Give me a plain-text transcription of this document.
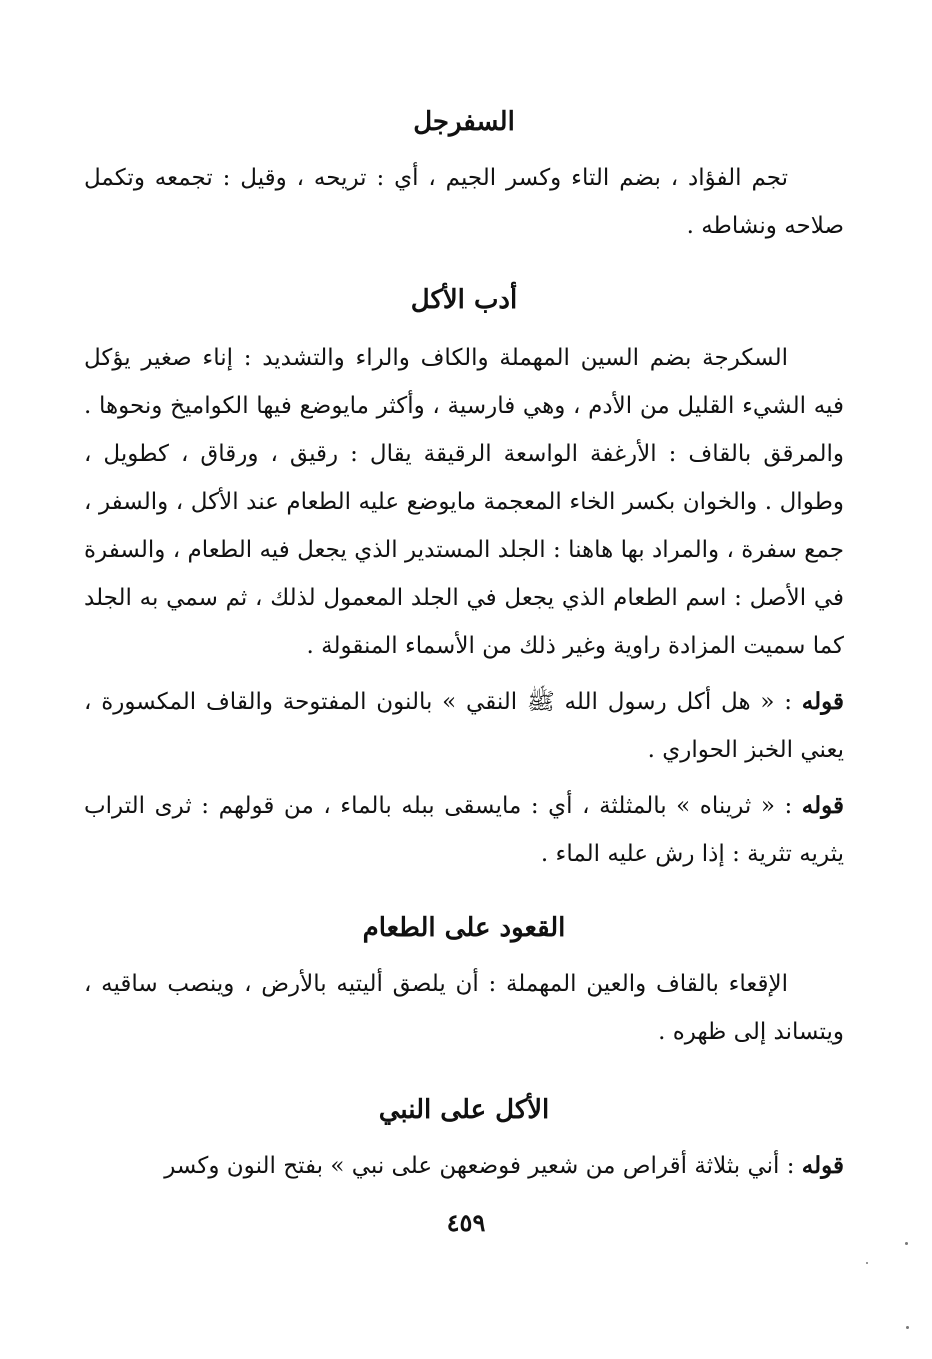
السفرجل

تجم الفؤاد ، بضم التاء وكسر الجيم ، أي : تريحه ، وقيل : تجمعه وتكمل صلاحه ونشاطه .

أدب الأكل

السكرجة بضم السين المهملة والكاف والراء والتشديد : إناء صغير يؤكل فيه الشيء القليل من الأدم ، وهي فارسية ، وأكثر مايوضع فيها الكواميخ ونحوها . والمرقق بالقاف : الأرغفة الواسعة الرقيقة يقال : رقيق ، ورقاق ، كطويل ، وطوال . والخوان بكسر الخاء المعجمة مايوضع عليه الطعام عند الأكل ، والسفر ، جمع سفرة ، والمراد بها هاهنا : الجلد المستدير الذي يجعل فيه الطعام ، والسفرة في الأصل : اسم الطعام الذي يجعل في الجلد المعمول لذلك ، ثم سمي به الجلد كما سميت المزادة راوية وغير ذلك من الأسماء المنقولة .

قوله : « هل أكل رسول الله ﷺ النقي » بالنون المفتوحة والقاف المكسورة ، يعني الخبز الحواري .

قوله : « ثريناه » بالمثلثة ، أي : مايسقى ببله بالماء ، من قولهم : ثرى التراب يثريه تثرية : إذا رش عليه الماء .

القعود على الطعام

الإقعاء بالقاف والعين المهملة : أن يلصق أليتيه بالأرض ، وينصب ساقيه ، ويتساند إلى ظهره .

الأكل على النبي

قوله : أني بثلاثة أقراص من شعير فوضعهن على نبي » بفتح النون وكسر

٤٥٩
